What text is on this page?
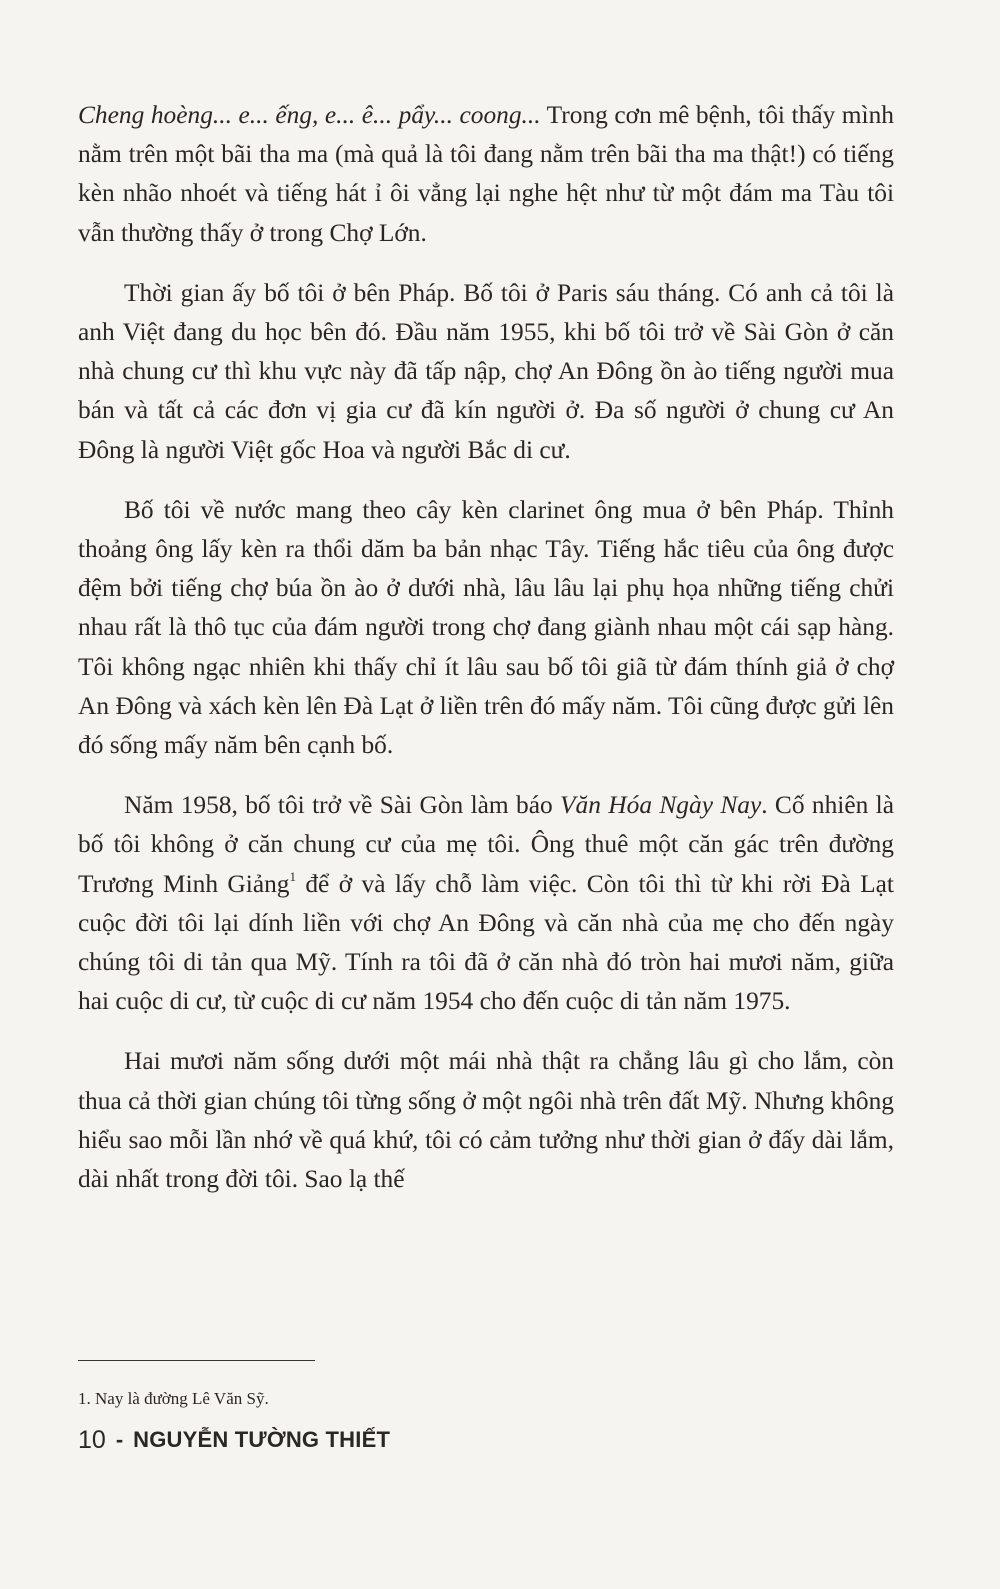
Cheng hoèng... e... ếng, e... ê... pẩy... coong... Trong cơn mê bệnh, tôi thấy mình nằm trên một bãi tha ma (mà quả là tôi đang nằm trên bãi tha ma thật!) có tiếng kèn nhão nhoét và tiếng hát ỉ ôi vẳng lại nghe hệt như từ một đám ma Tàu tôi vẫn thường thấy ở trong Chợ Lớn.

Thời gian ấy bố tôi ở bên Pháp. Bố tôi ở Paris sáu tháng. Có anh cả tôi là anh Việt đang du học bên đó. Đầu năm 1955, khi bố tôi trở về Sài Gòn ở căn nhà chung cư thì khu vực này đã tấp nập, chợ An Đông ồn ào tiếng người mua bán và tất cả các đơn vị gia cư đã kín người ở. Đa số người ở chung cư An Đông là người Việt gốc Hoa và người Bắc di cư.

Bố tôi về nước mang theo cây kèn clarinet ông mua ở bên Pháp. Thỉnh thoảng ông lấy kèn ra thổi dăm ba bản nhạc Tây. Tiếng hắc tiêu của ông được đệm bởi tiếng chợ búa ồn ào ở dưới nhà, lâu lâu lại phụ họa những tiếng chửi nhau rất là thô tục của đám người trong chợ đang giành nhau một cái sạp hàng. Tôi không ngạc nhiên khi thấy chỉ ít lâu sau bố tôi giã từ đám thính giả ở chợ An Đông và xách kèn lên Đà Lạt ở liền trên đó mấy năm. Tôi cũng được gửi lên đó sống mấy năm bên cạnh bố.

Năm 1958, bố tôi trở về Sài Gòn làm báo Văn Hóa Ngày Nay. Cố nhiên là bố tôi không ở căn chung cư của mẹ tôi. Ông thuê một căn gác trên đường Trương Minh Giảng$^1$ để ở và lấy chỗ làm việc. Còn tôi thì từ khi rời Đà Lạt cuộc đời tôi lại dính liền với chợ An Đông và căn nhà của mẹ cho đến ngày chúng tôi di tản qua Mỹ. Tính ra tôi đã ở căn nhà đó tròn hai mươi năm, giữa hai cuộc di cư, từ cuộc di cư năm 1954 cho đến cuộc di tản năm 1975.

Hai mươi năm sống dưới một mái nhà thật ra chẳng lâu gì cho lắm, còn thua cả thời gian chúng tôi từng sống ở một ngôi nhà trên đất Mỹ. Nhưng không hiểu sao mỗi lần nhớ về quá khứ, tôi có cảm tưởng như thời gian ở đấy dài lắm, dài nhất trong đời tôi. Sao lạ thế

1. Nay là đường Lê Văn Sỹ.
10 - NGUYỄN TƯỜNG THIẾT
